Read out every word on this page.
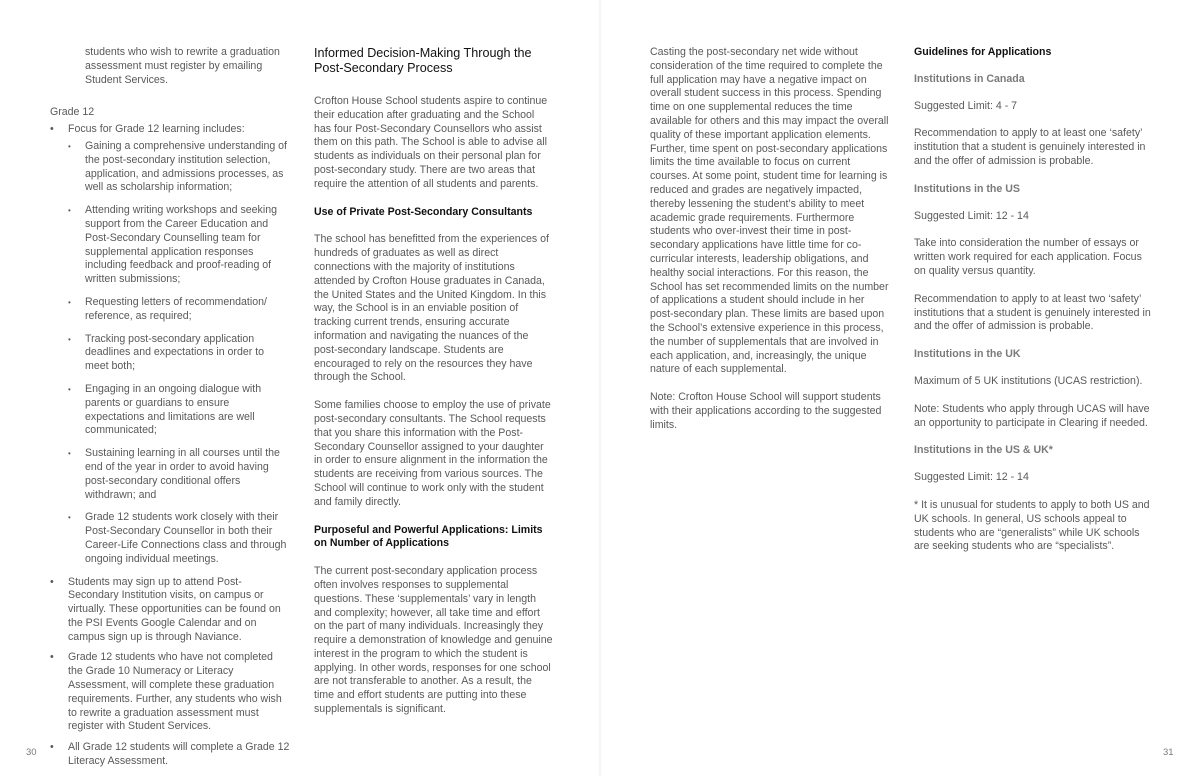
students who wish to rewrite a graduation assessment must register by emailing Student Services.
Grade 12
• Focus for Grade 12 learning includes:
• Gaining a comprehensive understanding of the post-secondary institution selection, application, and admissions processes, as well as scholarship information;
• Attending writing workshops and seeking support from the Career Education and Post-Secondary Counselling team for supplemental application responses including feedback and proof-reading of written submissions;
• Requesting letters of recommendation/ reference, as required;
• Tracking post-secondary application deadlines and expectations in order to meet both;
• Engaging in an ongoing dialogue with parents or guardians to ensure expectations and limitations are well communicated;
• Sustaining learning in all courses until the end of the year in order to avoid having post-secondary conditional offers withdrawn; and
• Grade 12 students work closely with their Post-Secondary Counsellor in both their Career-Life Connections class and through ongoing individual meetings.
• Students may sign up to attend Post-Secondary Institution visits, on campus or virtually. These opportunities can be found on the PSI Events Google Calendar and on campus sign up is through Naviance.
• Grade 12 students who have not completed the Grade 10 Numeracy or Literacy Assessment, will complete these graduation requirements. Further, any students who wish to rewrite a graduation assessment must register with Student Services.
• All Grade 12 students will complete a Grade 12 Literacy Assessment.
Informed Decision-Making Through the Post-Secondary Process

Crofton House School students aspire to continue their education after graduating and the School has four Post-Secondary Counsellors who assist them on this path. The School is able to advise all students as individuals on their personal plan for post-secondary study. There are two areas that require the attention of all students and parents.

Use of Private Post-Secondary Consultants

The school has benefitted from the experiences of hundreds of graduates as well as direct connections with the majority of institutions attended by Crofton House graduates in Canada, the United States and the United Kingdom. In this way, the School is in an enviable position of tracking current trends, ensuring accurate information and navigating the nuances of the post-secondary landscape. Students are encouraged to rely on the resources they have through the School.

Some families choose to employ the use of private post-secondary consultants. The School requests that you share this information with the Post-Secondary Counsellor assigned to your daughter in order to ensure alignment in the information the students are receiving from various sources. The School will continue to work only with the student and family directly.

Purposeful and Powerful Applications: Limits on Number of Applications

The current post-secondary application process often involves responses to supplemental questions. These ‘supplementals’ vary in length and complexity; however, all take time and effort on the part of many individuals. Increasingly they require a demonstration of knowledge and genuine interest in the program to which the student is applying. In other words, responses for one school are not transferable to another. As a result, the time and effort students are putting into these supplementals is significant.

Casting the post-secondary net wide without consideration of the time required to complete the full application may have a negative impact on overall student success in this process. Spending time on one supplemental reduces the time available for others and this may impact the overall quality of these important application elements. Further, time spent on post-secondary applications limits the time available to focus on current courses. At some point, student time for learning is reduced and grades are negatively impacted, thereby lessening the student’s ability to meet academic grade requirements. Furthermore students who over-invest their time in post-secondary applications have little time for co-curricular interests, leadership obligations, and healthy social interactions. For this reason, the School has set recommended limits on the number of applications a student should include in her post-secondary plan. These limits are based upon the School’s extensive experience in this process, the number of supplementals that are involved in each application, and, increasingly, the unique nature of each supplemental.

Note: Crofton House School will support students with their applications according to the suggested limits.

Guidelines for Applications
Institutions in Canada

Suggested Limit: 4 - 7

Recommendation to apply to at least one ‘safety’ institution that a student is genuinely interested in and the offer of admission is probable.

Institutions in the US

Suggested Limit: 12 - 14

Take into consideration the number of essays or written work required for each application. Focus on quality versus quantity.

Recommendation to apply to at least two ‘safety’ institutions that a student is genuinely interested in and the offer of admission is probable.

Institutions in the UK

Maximum of 5 UK institutions (UCAS restriction).

Note: Students who apply through UCAS will have an opportunity to participate in Clearing if needed.

Institutions in the US & UK*

Suggested Limit: 12 - 14

* It is unusual for students to apply to both US and UK schools. In general, US schools appeal to students who are “generalists” while UK schools are seeking students who are “specialists”.

30	31
